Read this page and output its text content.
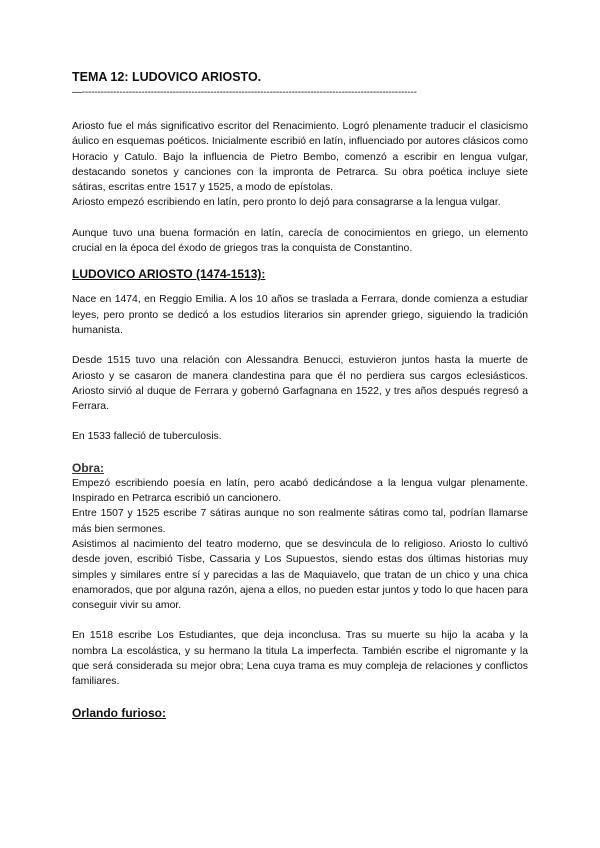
TEMA 12: LUDOVICO ARIOSTO.
—-----------------------------------------------------------------------------------------------------------

Ariosto fue el más significativo escritor del Renacimiento. Logró plenamente traducir el clasicismo áulico en esquemas poéticos. Inicialmente escribió en latín, influenciado por autores clásicos como Horacio y Catulo. Bajo la influencia de Pietro Bembo, comenzó a escribir en lengua vulgar, destacando sonetos y canciones con la impronta de Petrarca. Su obra poética incluye siete sátiras, escritas entre 1517 y 1525, a modo de epístolas.

Ariosto empezó escribiendo en latín, pero pronto lo dejó para consagrarse a la lengua vulgar.

Aunque tuvo una buena formación en latín, carecía de conocimientos en griego, un elemento crucial en la época del éxodo de griegos tras la conquista de Constantino.

LUDOVICO ARIOSTO (1474-1513):

Nace en 1474, en Reggio Emilia. A los 10 años se traslada a Ferrara, donde comienza a estudiar leyes, pero pronto se dedicó a los estudios literarios sin aprender griego, siguiendo la tradición humanista.

Desde 1515 tuvo una relación con Alessandra Benucci, estuvieron juntos hasta la muerte de Ariosto y se casaron de manera clandestina para que él no perdiera sus cargos eclesiásticos. Ariosto sirvió al duque de Ferrara y gobernó Garfagnana en 1522, y tres años después regresó a Ferrara.

En 1533 falleció de tuberculosis.

Obra:

Empezó escribiendo poesía en latín, pero acabó dedicándose a la lengua vulgar plenamente. Inspirado en Petrarca escribió un cancionero.

Entre 1507 y 1525 escribe 7 sátiras aunque no son realmente sátiras como tal, podrían llamarse más bien sermones.

Asistimos al nacimiento del teatro moderno, que se desvincula de lo religioso. Ariosto lo cultivó desde joven, escribió Tisbe, Cassaria y Los Supuestos, siendo estas dos últimas historias muy simples y similares entre sí y parecidas a las de Maquiavelo, que tratan de un chico y una chica enamorados, que por alguna razón, ajena a ellos, no pueden estar juntos y todo lo que hacen para conseguir vivir su amor.

En 1518 escribe Los Estudiantes, que deja inconclusa. Tras su muerte su hijo la acaba y la nombra La escolástica, y su hermano la titula La imperfecta. También escribe el nigromante y la que será considerada su mejor obra; Lena cuya trama es muy compleja de relaciones y conflictos familiares.

Orlando furioso:
